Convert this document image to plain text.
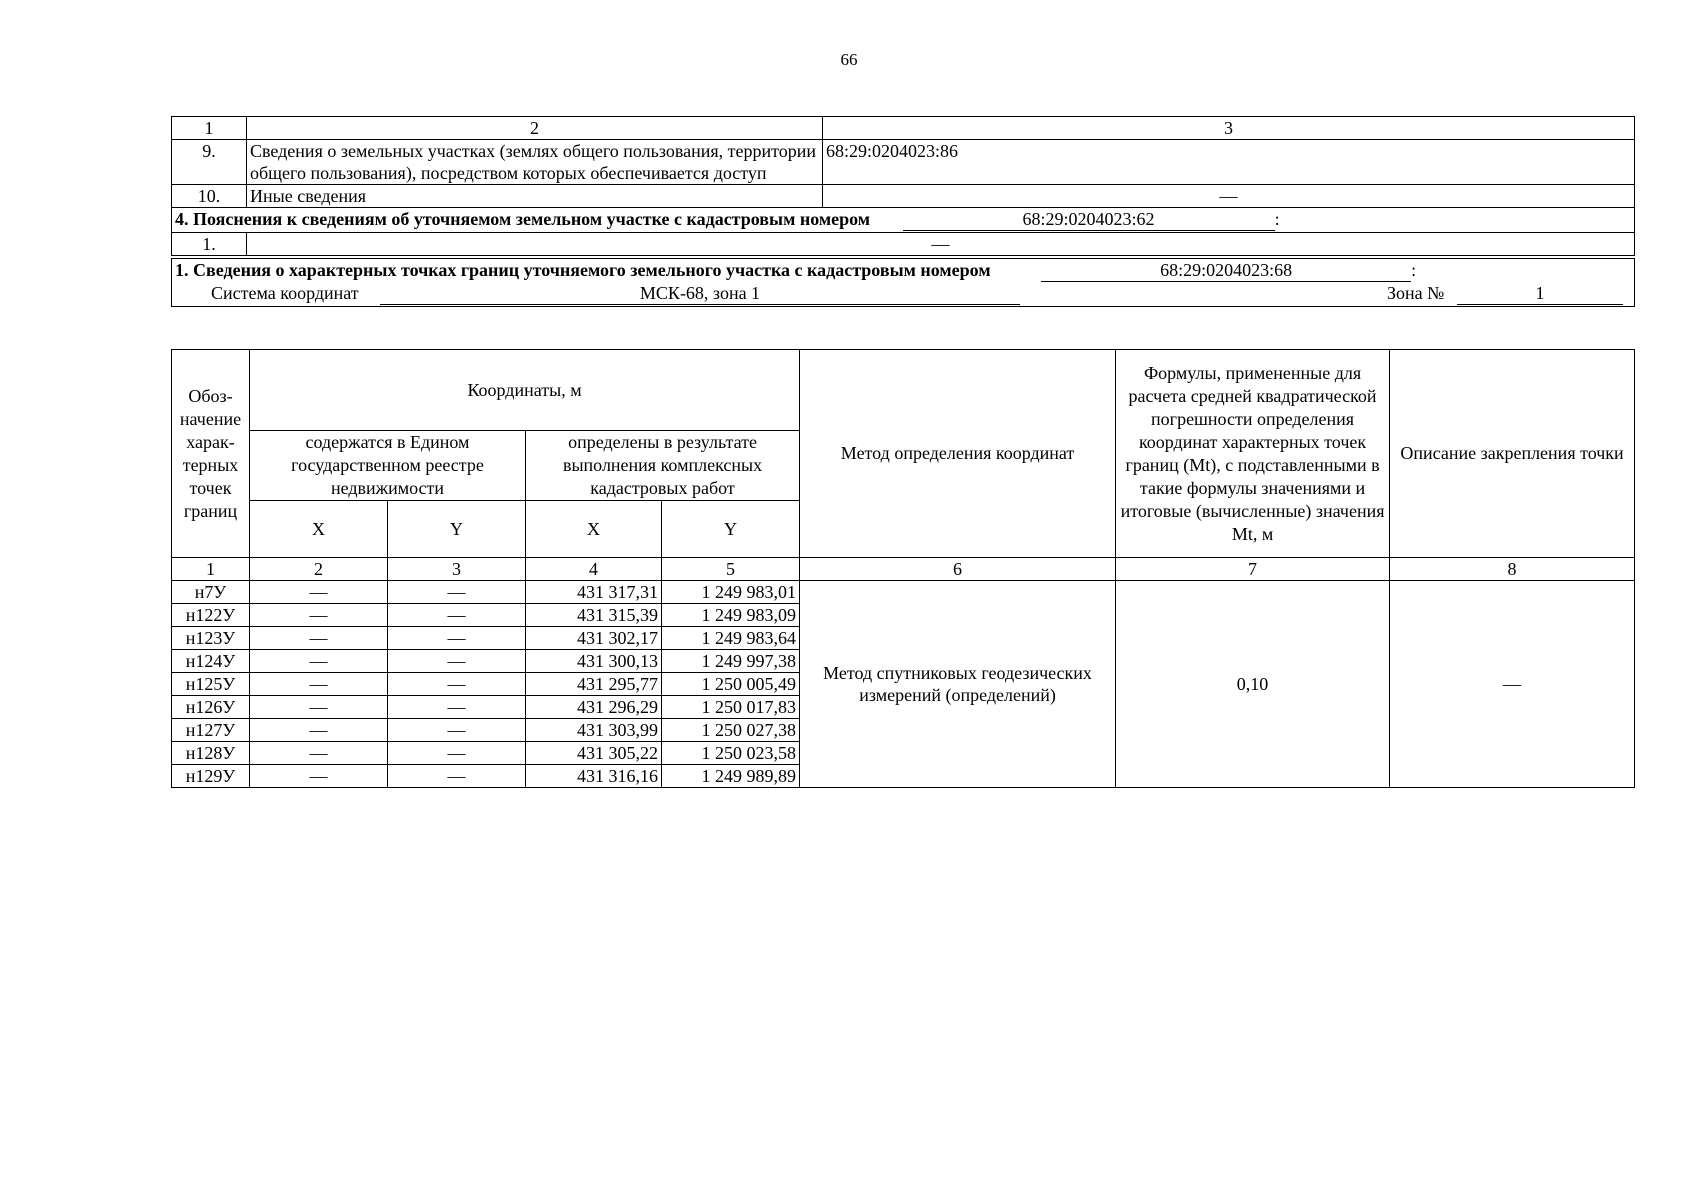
66
1	2	3
9.	Сведения о земельных участках (землях общего пользования, территории общего пользования), посредством которых обеспечивается доступ	68:29:0204023:86
10.	Иные сведения	—
4. Пояснения к сведениям об уточняемом земельном участке с кадастровым номером 68:29:0204023:62 :		
1.	—	

1. Сведения о характерных точках границ уточняемого земельного участка с кадастровым номером 68:29:0204023:68 :
Система координат МСК-68, зона 1 Зона № 1		
Обоз-начение харак-терных точек границ	Координаты, м				Метод определения координат	Формулы, примененные для расчета средней квадратической погрешности определения координат характерных точек границ (Mt), с подставленными в такие формулы значениями и итоговые (вычисленные) значения Mt, м	Описание закрепления точки
	содержатся в Едином государственном реестре недвижимости		определены в результате выполнения комплексных кадастровых работ				
	X	Y	X	Y			
1	2	3	4	5	6	7	8
н7У	—	—	431 317,31	1 249 983,01	Метод спутниковых геодезических измерений (определений)	0,10	—
н122У	—	—	431 315,39	1 249 983,09			
н123У	—	—	431 302,17	1 249 983,64			
н124У	—	—	431 300,13	1 249 997,38			
н125У	—	—	431 295,77	1 250 005,49			
н126У	—	—	431 296,29	1 250 017,83			
н127У	—	—	431 303,99	1 250 027,38			
н128У	—	—	431 305,22	1 250 023,58			
н129У	—	—	431 316,16	1 249 989,89			
